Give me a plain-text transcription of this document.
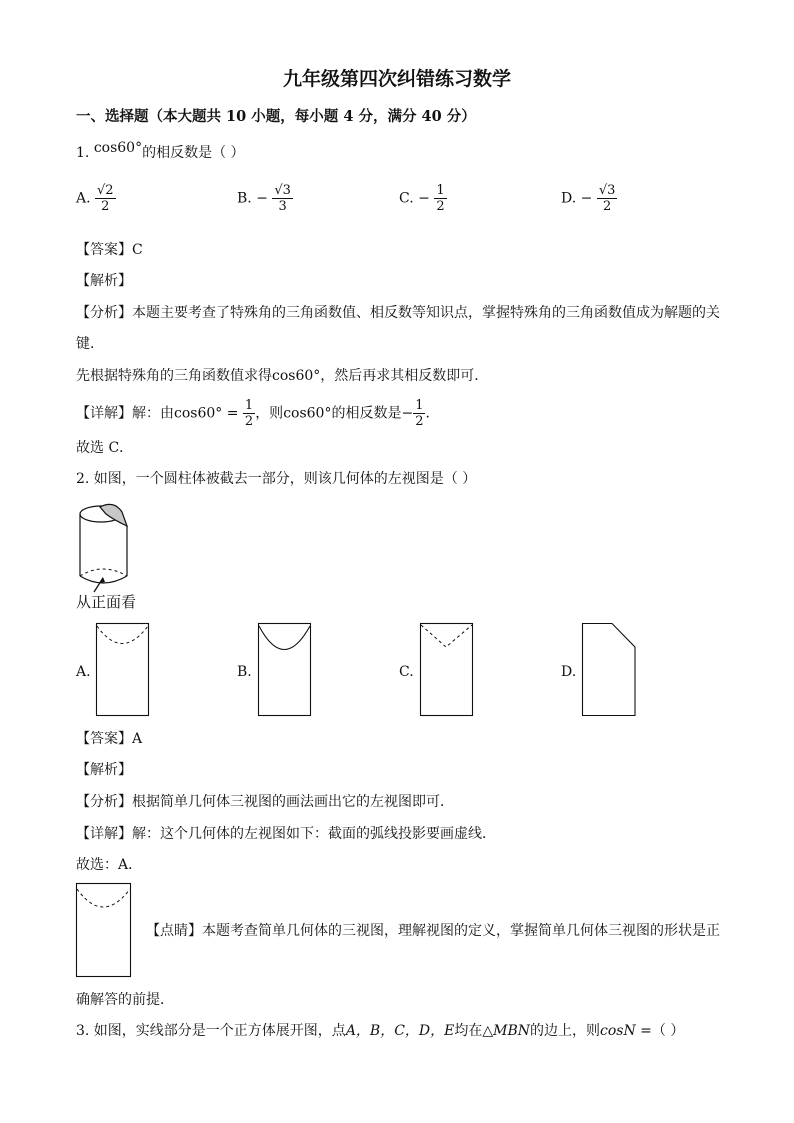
九年级第四次纠错练习数学
一、选择题（本大题共 10 小题，每小题 4 分，满分 40 分）
1. cos60°的相反数是（ ）
A. $\frac{√2}{2}$	B. − $\frac{√3}{3}$	C. − $\frac{1}{2}$	D. − $\frac{√3}{2}$
【答案】C
【解析】
【分析】本题主要考查了特殊角的三角函数值、相反数等知识点，掌握特殊角的三角函数值成为解题的关
键．
先根据特殊角的三角函数值求得cos60°，然后再求其相反数即可．
【详解】解：由$\cos 60^\circ = \frac{1}{2}$ ，则cos60°的相反数是− $\frac{1}{2}$ ．
故选 C．
2. 如图，一个圆柱体被截去一部分，则该几何体的左视图是（ ）
从正面看
A.	B.	C.	D.
【答案】A
【解析】
【分析】根据简单几何体三视图的画法画出它的左视图即可．
【详解】解：这个几何体的左视图如下：截面的弧线投影要画虚线．
故选：A．
【点睛】本题考查简单几何体的三视图，理解视图的定义，掌握简单几何体三视图的形状是正
确解答的前提．
3. 如图，实线部分是一个正方体展开图，点A，B，C，D，E均在△MBN的边上，则cosN =（ ）
